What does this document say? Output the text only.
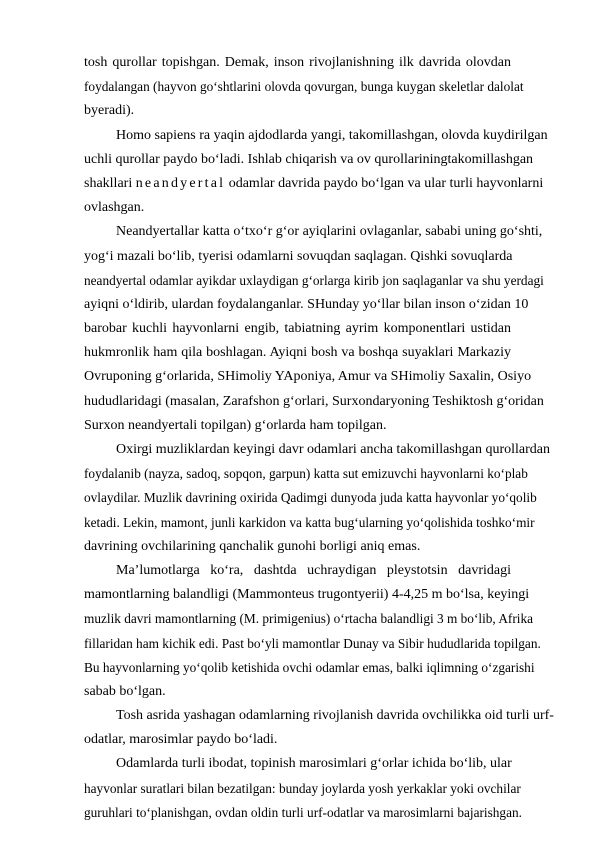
tosh qurollar topishgan. Demak, inson rivojlanishning ilk davrida olovdan
foydalangan (hayvon go‘shtlarini olovda qovurgan, bunga kuygan skeletlar dalolat
byeradi).
Homo sapiens ra yaqin ajdodlarda yangi, takomillashgan, olovda kuydirilgan
uchli qurollar paydo bo‘ladi. Ishlab chiqarish va ov qurollariningtakomillashgan
shakllari neandyertal odamlar davrida paydo bo‘lgan va ular turli hayvonlarni
ovlashgan.
Neandyertallar katta o‘txo‘r g‘or ayiqlarini ovlaganlar, sababi uning go‘shti,
yog‘i mazali bo‘lib, tyerisi odamlarni sovuqdan saqlagan. Qishki sovuqlarda
neandyertal odamlar ayikdar uxlaydigan g‘orlarga kirib jon saqlaganlar va shu yerdagi
ayiqni o‘ldirib, ulardan foydalanganlar. SHunday yo‘llar bilan inson o‘zidan 10
barobar kuchli hayvonlarni engib, tabiatning ayrim komponentlari ustidan
hukmronlik ham qila boshlagan. Ayiqni bosh va boshqa suyaklari Markaziy
Ovruponing g‘orlarida, SHimoliy YAponiya, Amur va SHimoliy Saxalin, Osiyo
hududlaridagi (masalan, Zarafshon g‘orlari, Surxondaryoning Teshiktosh g‘oridan
Surxon neandyertali topilgan) g‘orlarda ham topilgan.
Oxirgi muzliklardan keyingi davr odamlari ancha takomillashgan qurollardan
foydalanib (nayza, sadoq, sopqon, garpun) katta sut emizuvchi hayvonlarni ko‘plab
ovlaydilar. Muzlik davrining oxirida Qadimgi dunyoda juda katta hayvonlar yo‘qolib
ketadi. Lekin, mamont, junli karkidon va katta bug‘ularning yo‘qolishida toshko‘mir
davrining ovchilarining qanchalik gunohi borligi aniq emas.
Ma’lumotlarga ko‘ra, dashtda uchraydigan pleystotsin davridagi
mamontlarning balandligi (Mammonteus trugontyerii) 4-4,25 m bo‘lsa, keyingi
muzlik davri mamontlarning (M. primigenius) o‘rtacha balandligi 3 m bo‘lib, Afrika
fillaridan ham kichik edi. Past bo‘yli mamontlar Dunay va Sibir hududlarida topilgan.
Bu hayvonlarning yo‘qolib ketishida ovchi odamlar emas, balki iqlimning o‘zgarishi
sabab bo‘lgan.
Tosh asrida yashagan odamlarning rivojlanish davrida ovchilikka oid turli urf-
odatlar, marosimlar paydo bo‘ladi.
Odamlarda turli ibodat, topinish marosimlari g‘orlar ichida bo‘lib, ular
hayvonlar suratlari bilan bezatilgan: bunday joylarda yosh yerkaklar yoki ovchilar
guruhlari to‘planishgan, ovdan oldin turli urf-odatlar va marosimlarni bajarishgan.
